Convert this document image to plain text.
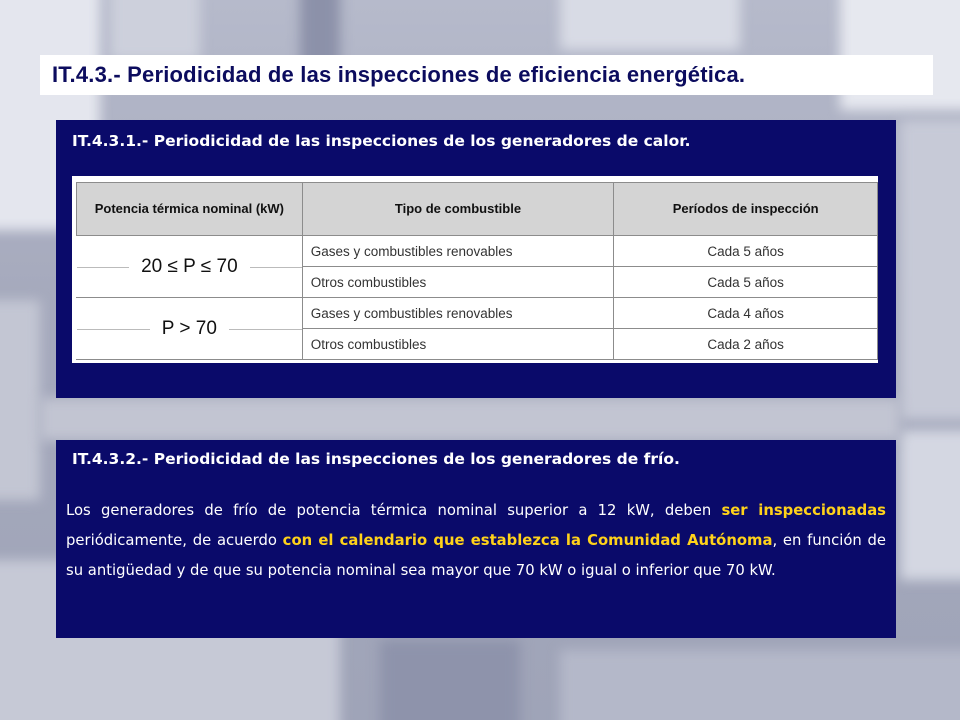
IT.4.3.- Periodicidad de las inspecciones de eficiencia energética.
IT.4.3.1.- Periodicidad de las inspecciones de los generadores de calor.
Potencia térmica nominal (kW)	Tipo de combustible	Períodos de inspección

20 ≤ P ≤ 70	Gases y combustibles renovables	Cada 5 años
	Otros combustibles	Cada 5 años

P > 70	Gases y combustibles renovables	Cada 4 años
	Otros combustibles	Cada 2 años
IT.4.3.2.- Periodicidad de las inspecciones de los generadores de frío.
Los generadores de frío de potencia térmica nominal superior a 12 kW, deben ser inspeccionadas periódicamente, de acuerdo con el calendario que establezca la Comunidad Autónoma, en función de su antigüedad y de que su potencia nominal sea mayor que 70 kW o igual o inferior que 70 kW.
